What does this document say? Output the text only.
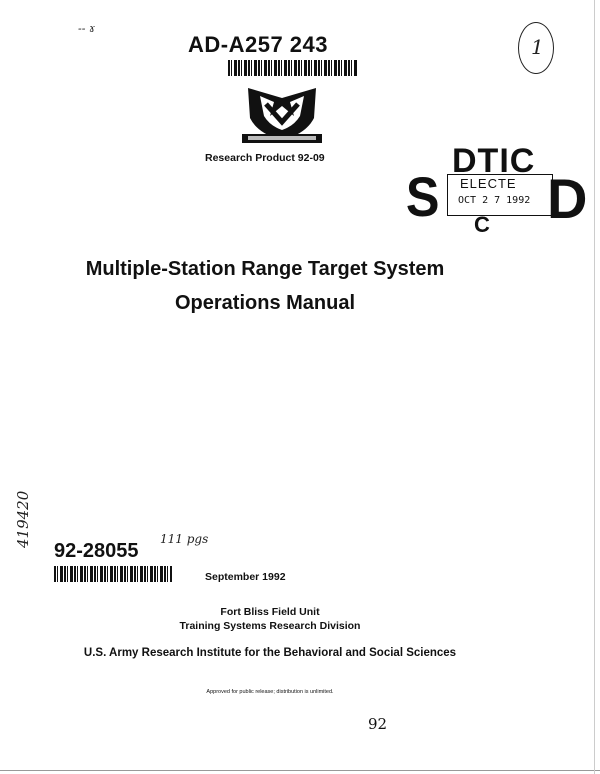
-- ɤ
AD-A257 243	1
Research Product 92-09	DTIC
ELECTE
OCT 2 7 1992
S C D
Multiple-Station Range Target System
Operations Manual
419420
92-28055
111 pgs
September 1992
Fort Bliss Field Unit
Training Systems Research Division
U.S. Army Research Institute for the Behavioral and Social Sciences
Approved for public release; distribution is unlimited.
92
